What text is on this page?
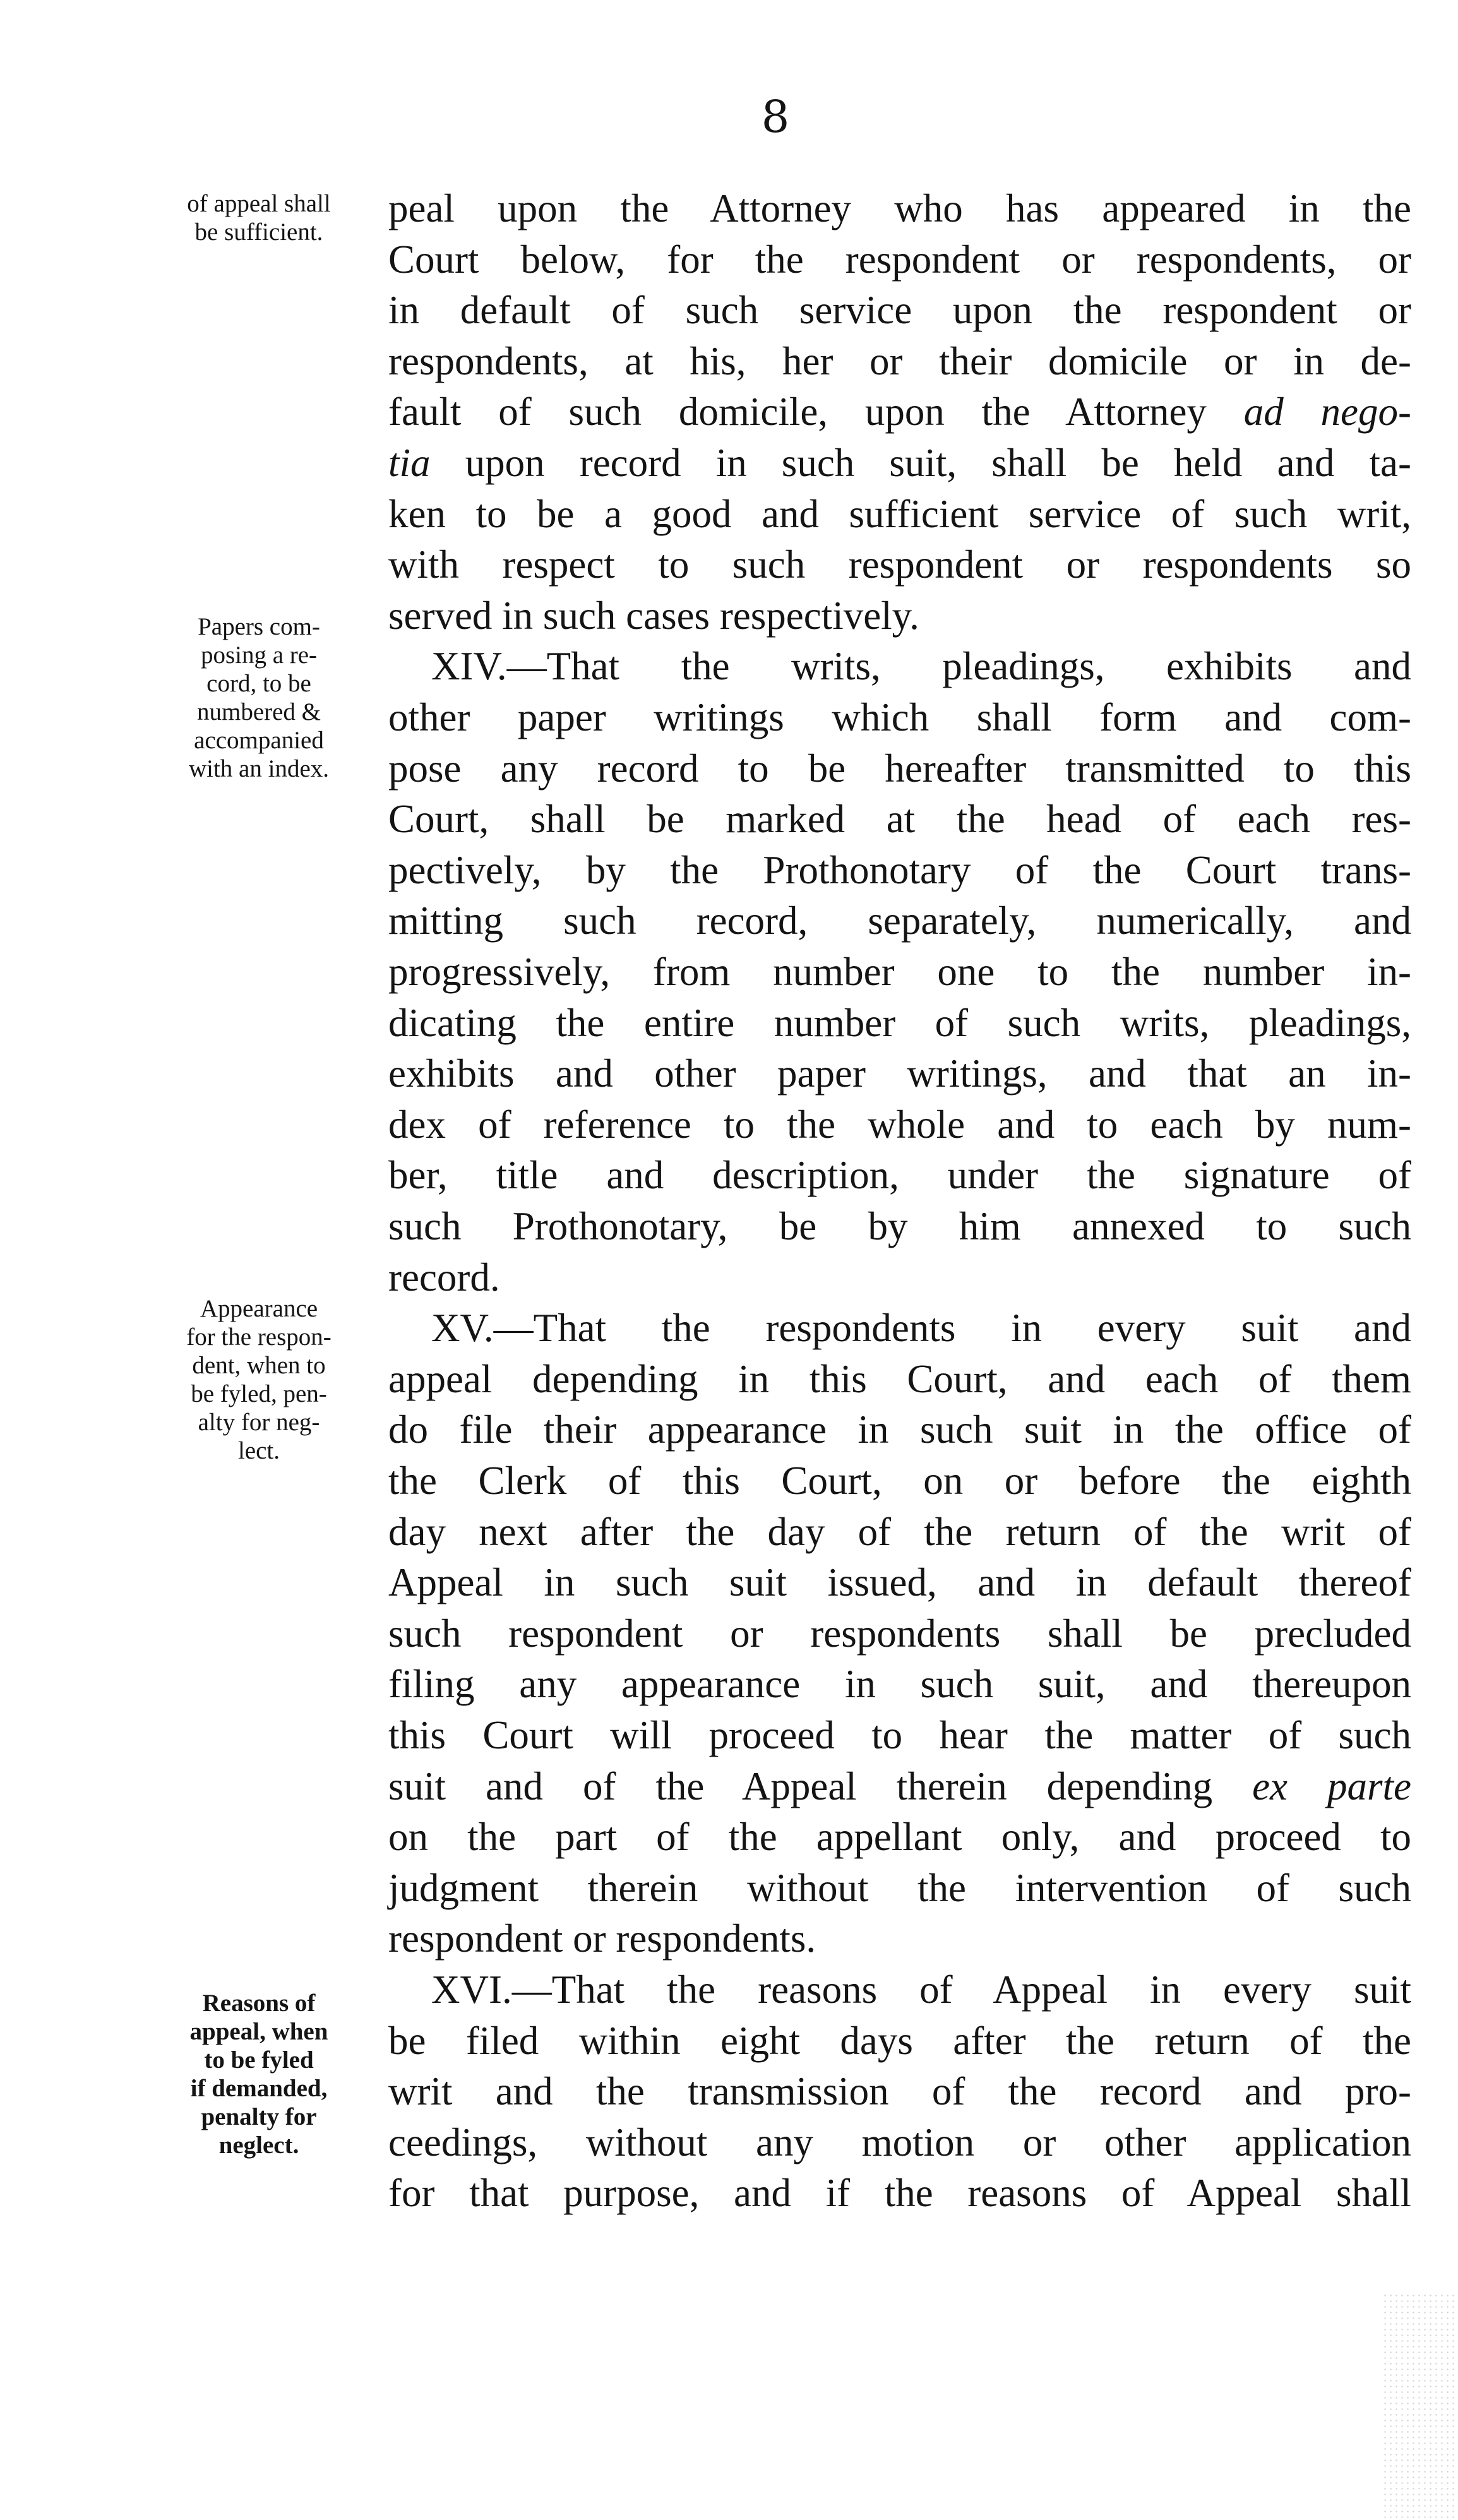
8
of appeal shall
be sufficient.
Papers com-
posing a re-
cord, to be
numbered &
accompanied
with an index.
Appearance
for the respon-
dent, when to
be fyled, pen-
alty for neg-
lect.
Reasons of
appeal, when
to be fyled
if demanded,
penalty for
neglect.
peal upon the Attorney who has appeared in the
Court below, for the respondent or respondents, or
in default of such service upon the respondent or
respondents, at his, her or their domicile or in de-
fault of such domicile, upon the Attorney ad nego-
tia upon record in such suit, shall be held and ta-
ken to be a good and sufficient service of such writ,
with respect to such respondent or respondents so
served in such cases respectively.
XIV.—That the writs, pleadings, exhibits and
other paper writings which shall form and com-
pose any record to be hereafter transmitted to this
Court, shall be marked at the head of each res-
pectively, by the Prothonotary of the Court trans-
mitting such record, separately, numerically, and
progressively, from number one to the number in-
dicating the entire number of such writs, pleadings,
exhibits and other paper writings, and that an in-
dex of reference to the whole and to each by num-
ber, title and description, under the signature of
such Prothonotary, be by him annexed to such
record.
XV.—That the respondents in every suit and
appeal depending in this Court, and each of them
do file their appearance in such suit in the office of
the Clerk of this Court, on or before the eighth
day next after the day of the return of the writ of
Appeal in such suit issued, and in default thereof
such respondent or respondents shall be precluded
filing any appearance in such suit, and thereupon
this Court will proceed to hear the matter of such
suit and of the Appeal therein depending ex parte
on the part of the appellant only, and proceed to
judgment therein without the intervention of such
respondent or respondents.
XVI.—That the reasons of Appeal in every suit
be filed within eight days after the return of the
writ and the transmission of the record and pro-
ceedings, without any motion or other application
for that purpose, and if the reasons of Appeal shall
